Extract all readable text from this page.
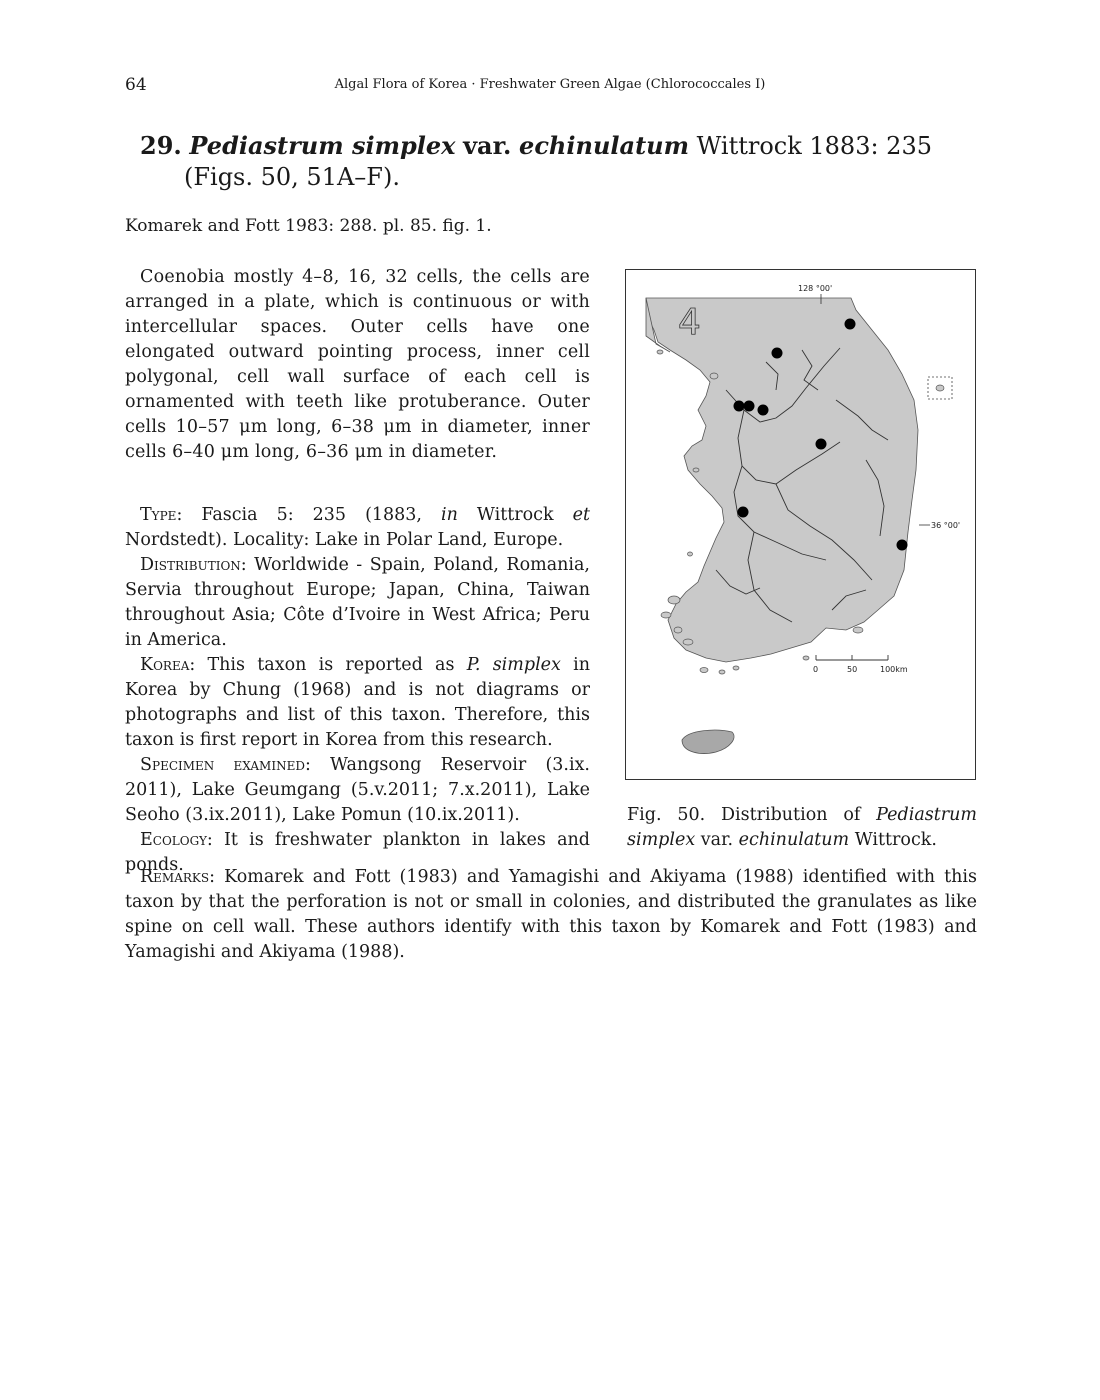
64	Algal Flora of Korea · Freshwater Green Algae (Chlorococcales I)
29. Pediastrum simplex var. echinulatum Wittrock 1883: 235
(Figs. 50, 51A–F).
Komarek and Fott 1983: 288. pl. 85. fig. 1.

Coenobia mostly 4–8, 16, 32 cells, the cells are arranged in a plate, which is continuous or with intercellular spaces. Outer cells have one elongated outward pointing process, inner cell polygonal, cell wall surface of each cell is ornamented with teeth like protuberance. Outer cells 10–57 μm long, 6–38 μm in diameter, inner cells 6–40 μm long, 6–36 μm in diameter.

Type: Fascia 5: 235 (1883, in Wittrock et Nordstedt). Locality: Lake in Polar Land, Europe.

Distribution: Worldwide - Spain, Poland, Romania, Servia throughout Europe; Japan, China, Taiwan throughout Asia; Côte d’Ivoire in West Africa; Peru in America.

Korea: This taxon is reported as P. simplex in Korea by Chung (1968) and is not diagrams or photographs and list of this taxon. Therefore, this taxon is first report in Korea from this research.

Specimen examined: Wangsong Reservoir (3.ix. 2011), Lake Geumgang (5.v.2011; 7.x.2011), Lake Seoho (3.ix.2011), Lake Pomun (10.ix.2011).

Ecology: It is freshwater plankton in lakes and ponds.

Remarks: Komarek and Fott (1983) and Yamagishi and Akiyama (1988) identified with this taxon by that the perforation is not or small in colonies, and distributed the granulates as like spine on cell wall. These authors identify with this taxon by Komarek and Fott (1983) and Yamagishi and Akiyama (1988).

4
128 °00'
36 °00'
0	50	100km
Fig. 50. Distribution of Pediastrum simplex var. echinulatum Wittrock.
